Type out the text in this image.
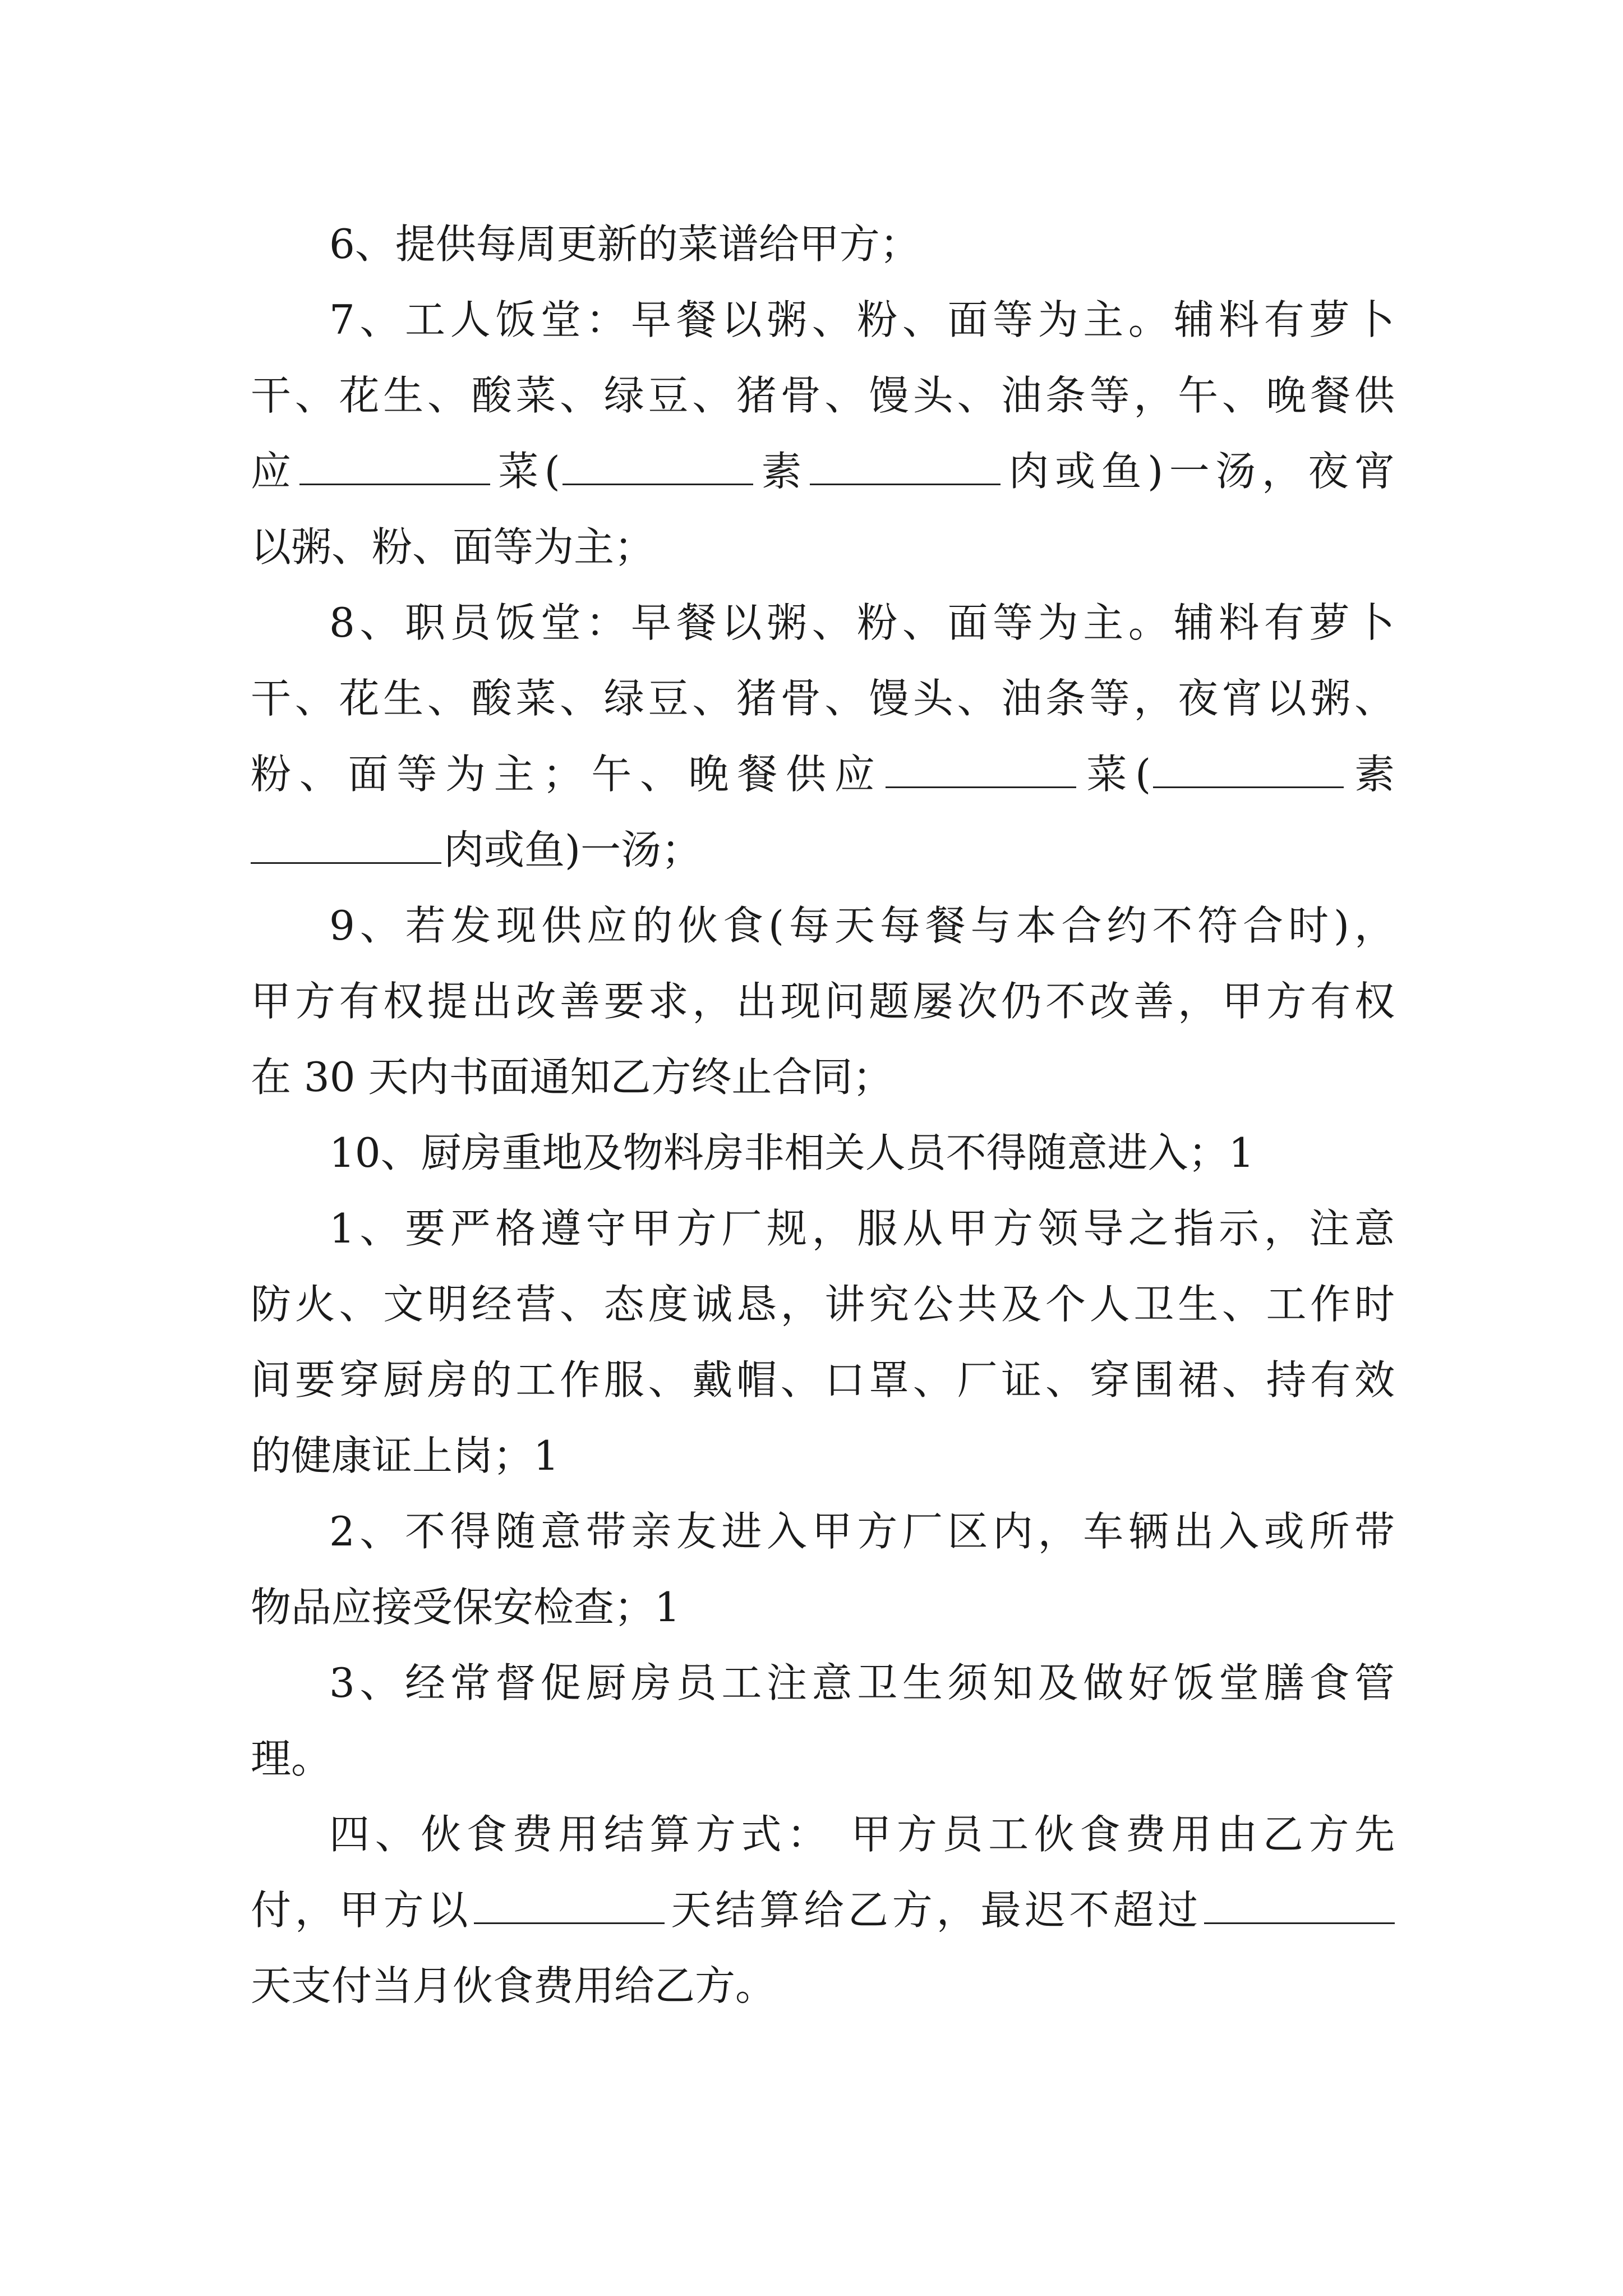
6、提供每周更新的菜谱给甲方；
7、工人饭堂：早餐以粥、粉、面等为主。辅料有萝卜
干、花生、酸菜、绿豆、猪骨、馒头、油条等，午、晚餐供
应	菜(	素	肉或鱼)一汤，夜宵
以粥、粉、面等为主；
8、职员饭堂：早餐以粥、粉、面等为主。辅料有萝卜
干、花生、酸菜、绿豆、猪骨、馒头、油条等，夜宵以粥、
粉、面等为主；午、晚餐供应	菜(	素
肉或鱼)一汤；
9、若发现供应的伙食(每天每餐与本合约不符合时)，
甲方有权提出改善要求，出现问题屡次仍不改善，甲方有权
在 30 天内书面通知乙方终止合同；
10、厨房重地及物料房非相关人员不得随意进入；1
1、要严格遵守甲方厂规，服从甲方领导之指示，注意
防火、文明经营、态度诚恳，讲究公共及个人卫生、工作时
间要穿厨房的工作服、戴帽、口罩、厂证、穿围裙、持有效
的健康证上岗；1
2、不得随意带亲友进入甲方厂区内，车辆出入或所带
物品应接受保安检查；1
3、经常督促厨房员工注意卫生须知及做好饭堂膳食管
理。
四、伙食费用结算方式： 甲方员工伙食费用由乙方先
付，甲方以	天结算给乙方，最迟不超过
天支付当月伙食费用给乙方。
